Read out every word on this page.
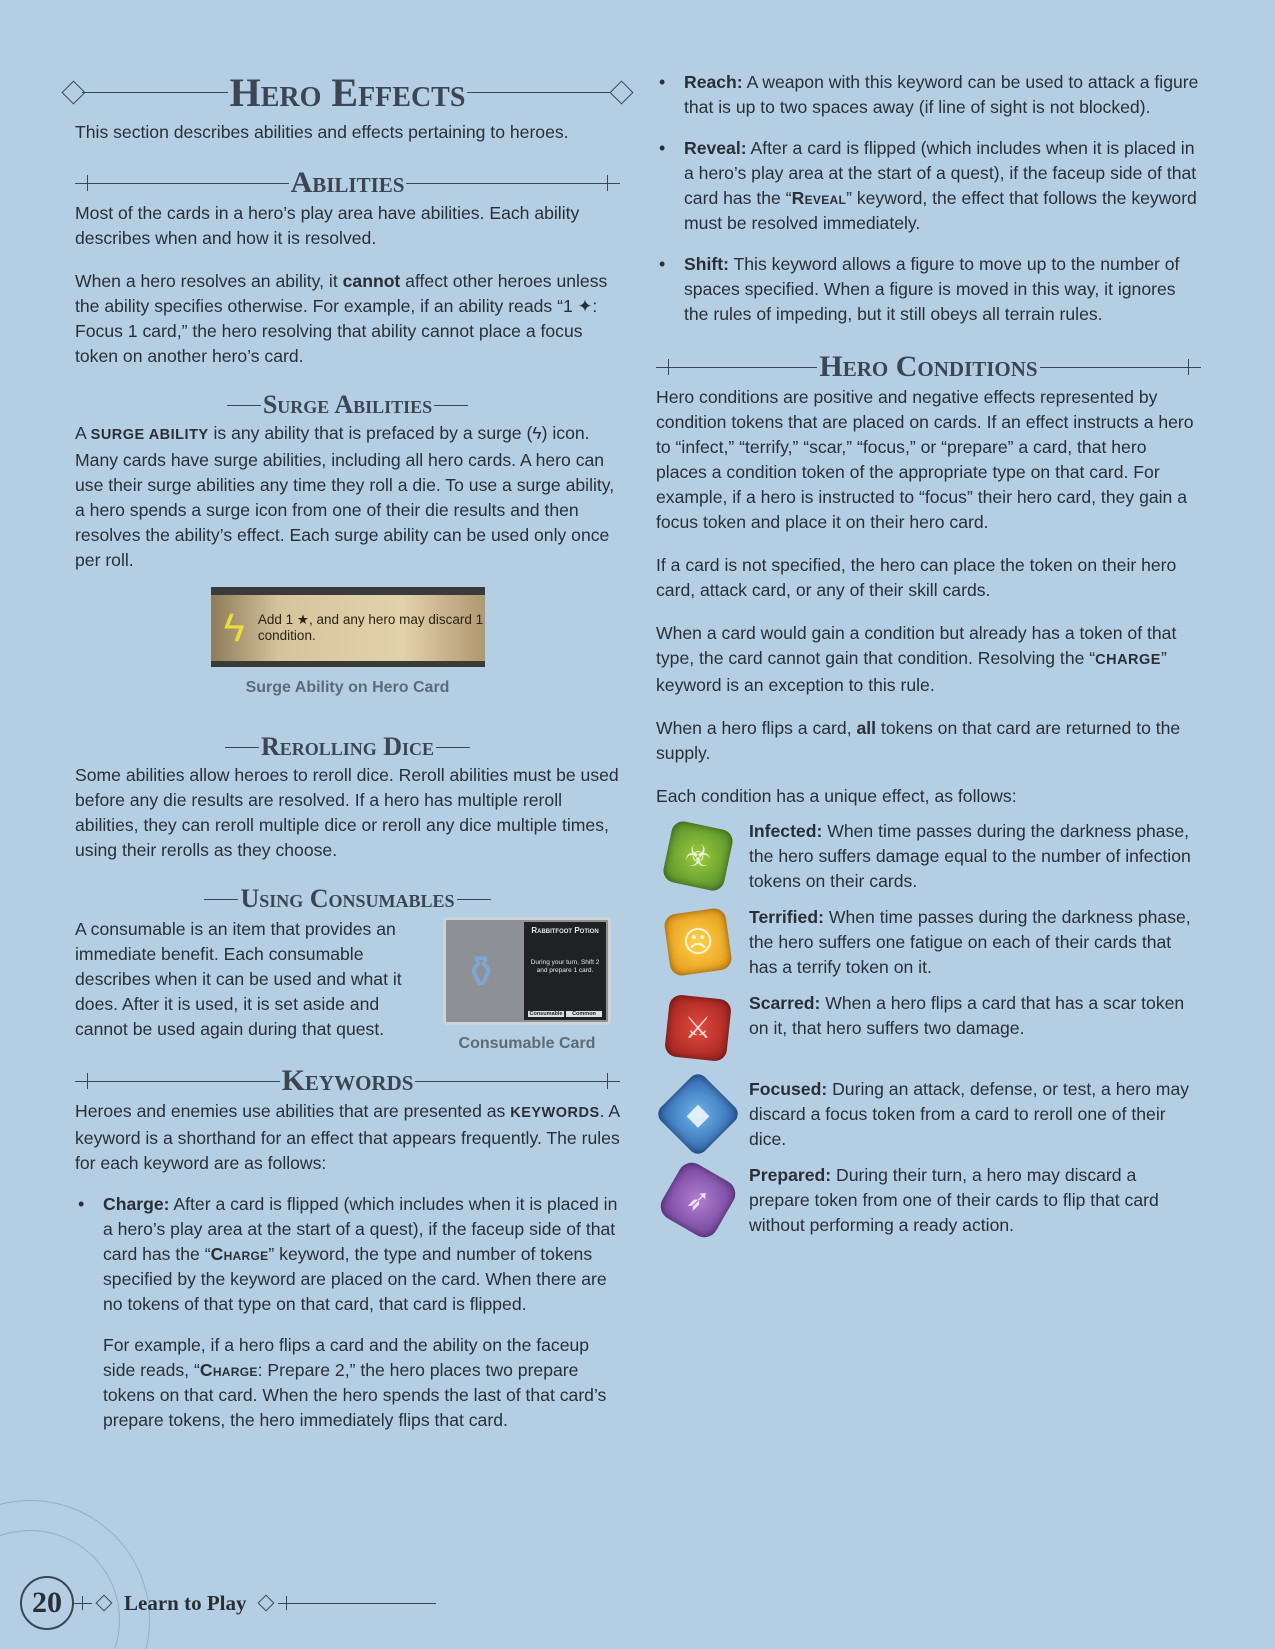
Hero Effects

This section describes abilities and effects pertaining to heroes.

Abilities

Most of the cards in a hero’s play area have abilities. Each ability describes when and how it is resolved.

When a hero resolves an ability, it cannot affect other heroes unless the ability specifies otherwise. For example, if an ability reads “1 ✦: Focus 1 card,” the hero resolving that ability cannot place a focus token on another hero’s card.

Surge Abilities

A SURGE ABILITY is any ability that is prefaced by a surge (ϟ) icon. Many cards have surge abilities, including all hero cards. A hero can use their surge abilities any time they roll a die. To use a surge ability, a hero spends a surge icon from one of their die results and then resolves the ability’s effect. Each surge ability can be used only once per roll.

ϟ Add 1 ★, and any hero may discard 1 condition.
Surge Ability on Hero Card
Rerolling Dice

Some abilities allow heroes to reroll dice. Reroll abilities must be used before any die results are resolved. If a hero has multiple reroll abilities, they can reroll multiple dice or reroll any dice multiple times, using their rerolls as they choose.

Using Consumables

A consumable is an item that provides an immediate benefit. Each consumable describes when it can be used and what it does. After it is used, it is set aside and cannot be used again during that quest.

⚱
Rabbitfoot Potion
During your turn, Shift 2 and prepare 1 card.
Consumable	Common
Consumable Card
Keywords

Heroes and enemies use abilities that are presented as KEYWORDS. A keyword is a shorthand for an effect that appears frequently. The rules for each keyword are as follows:

• Charge: After a card is flipped (which includes when it is placed in a hero’s play area at the start of a quest), if the faceup side of that card has the “Charge” keyword, the type and number of tokens specified by the keyword are placed on the card. When there are no tokens of that type on that card, that card is flipped.

For example, if a hero flips a card and the ability on the faceup side reads, “Charge: Prepare 2,” the hero places two prepare tokens on that card. When the hero spends the last of that card’s prepare tokens, the hero immediately flips that card.

• Reach: A weapon with this keyword can be used to attack a figure that is up to two spaces away (if line of sight is not blocked).
• Reveal: After a card is flipped (which includes when it is placed in a hero’s play area at the start of a quest), if the faceup side of that card has the “Reveal” keyword, the effect that follows the keyword must be resolved immediately.
• Shift: This keyword allows a figure to move up to the number of spaces specified. When a figure is moved in this way, it ignores the rules of impeding, but it still obeys all terrain rules.
Hero Conditions

Hero conditions are positive and negative effects represented by condition tokens that are placed on cards. If an effect instructs a hero to “infect,” “terrify,” “scar,” “focus,” or “prepare” a card, that hero places a condition token of the appropriate type on that card. For example, if a hero is instructed to “focus” their hero card, they gain a focus token and place it on their hero card.

If a card is not specified, the hero can place the token on their hero card, attack card, or any of their skill cards.

When a card would gain a condition but already has a token of that type, the card cannot gain that condition. Resolving the “CHARGE” keyword is an exception to this rule.

When a hero flips a card, all tokens on that card are returned to the supply.

Each condition has a unique effect, as follows:

☣

Infected: When time passes during the darkness phase, the hero suffers damage equal to the number of infection tokens on their cards.

☹

Terrified: When time passes during the darkness phase, the hero suffers one fatigue on each of their cards that has a terrify token on it.

⚔

Scarred: When a hero flips a card that has a scar token on it, that hero suffers two damage.

◆

Focused: During an attack, defense, or test, a hero may discard a focus token from a card to reroll one of their dice.

➶

Prepared: During their turn, a hero may discard a prepare token from one of their cards to flip that card without performing a ready action.

20	Learn to Play
